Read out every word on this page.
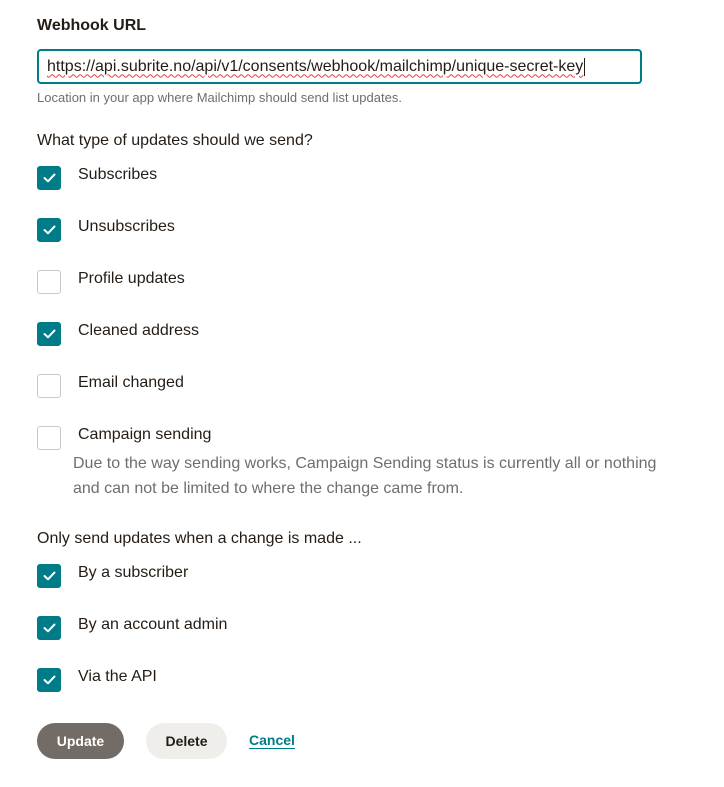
Webhook URL
https://api.subrite.no/api/v1/consents/webhook/mailchimp/unique-secret-key
Location in your app where Mailchimp should send list updates.
What type of updates should we send?
Subscribes
Unsubscribes
Profile updates
Cleaned address
Email changed
Campaign sending
Due to the way sending works, Campaign Sending status is currently all or nothing and can not be limited to where the change came from.
Only send updates when a change is made ...
By a subscriber
By an account admin
Via the API
Update	Delete	Cancel
